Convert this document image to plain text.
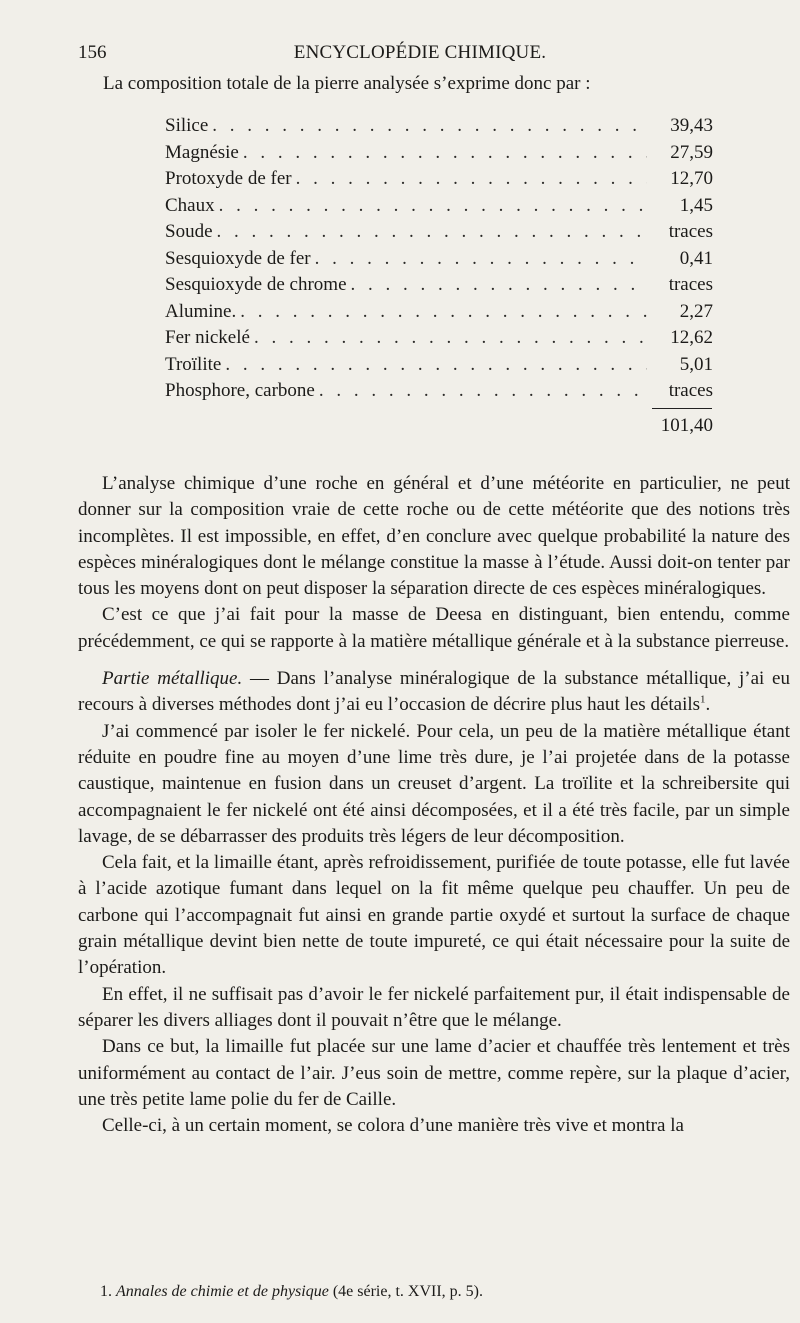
156	ENCYCLOPÉDIE CHIMIQUE.
La composition totale de la pierre analysée s’exprime donc par :
Silice . . .	39,43
Magnésie . . .	27,59
Protoxyde de fer . . .	12,70
Chaux . . .	1,45
Soude . . .	traces
Sesquioxyde de fer . . .	0,41
Sesquioxyde de chrome . . .	traces
Alumine. . . .	2,27
Fer nickelé . . .	12,62
Troïlite . . .	5,01
Phosphore, carbone . . .	traces
101,40

L’analyse chimique d’une roche en général et d’une météorite en particulier, ne peut donner sur la composition vraie de cette roche ou de cette météorite que des notions très incomplètes. Il est impossible, en effet, d’en conclure avec quelque probabilité la nature des espèces minéralogiques dont le mélange constitue la masse à l’étude. Aussi doit-on tenter par tous les moyens dont on peut disposer la séparation directe de ces espèces minéralogiques.

C’est ce que j’ai fait pour la masse de Deesa en distinguant, bien entendu, comme précédemment, ce qui se rapporte à la matière métallique générale et à la substance pierreuse.

Partie métallique. — Dans l’analyse minéralogique de la substance métallique, j’ai eu recours à diverses méthodes dont j’ai eu l’occasion de décrire plus haut les détails$^1$.

J’ai commencé par isoler le fer nickelé. Pour cela, un peu de la matière métallique étant réduite en poudre fine au moyen d’une lime très dure, je l’ai projetée dans de la potasse caustique, maintenue en fusion dans un creuset d’argent. La troïlite et la schreibersite qui accompagnaient le fer nickelé ont été ainsi décomposées, et il a été très facile, par un simple lavage, de se débarrasser des produits très légers de leur décomposition.

Cela fait, et la limaille étant, après refroidissement, purifiée de toute potasse, elle fut lavée à l’acide azotique fumant dans lequel on la fit même quelque peu chauffer. Un peu de carbone qui l’accompagnait fut ainsi en grande partie oxydé et surtout la surface de chaque grain métallique devint bien nette de toute impureté, ce qui était nécessaire pour la suite de l’opération.

En effet, il ne suffisait pas d’avoir le fer nickelé parfaitement pur, il était indispensable de séparer les divers alliages dont il pouvait n’être que le mélange.

Dans ce but, la limaille fut placée sur une lame d’acier et chauffée très lentement et très uniformément au contact de l’air. J’eus soin de mettre, comme repère, sur la plaque d’acier, une très petite lame polie du fer de Caille.

Celle-ci, à un certain moment, se colora d’une manière très vive et montra la

1. Annales de chimie et de physique (4e série, t. XVII, p. 5).
